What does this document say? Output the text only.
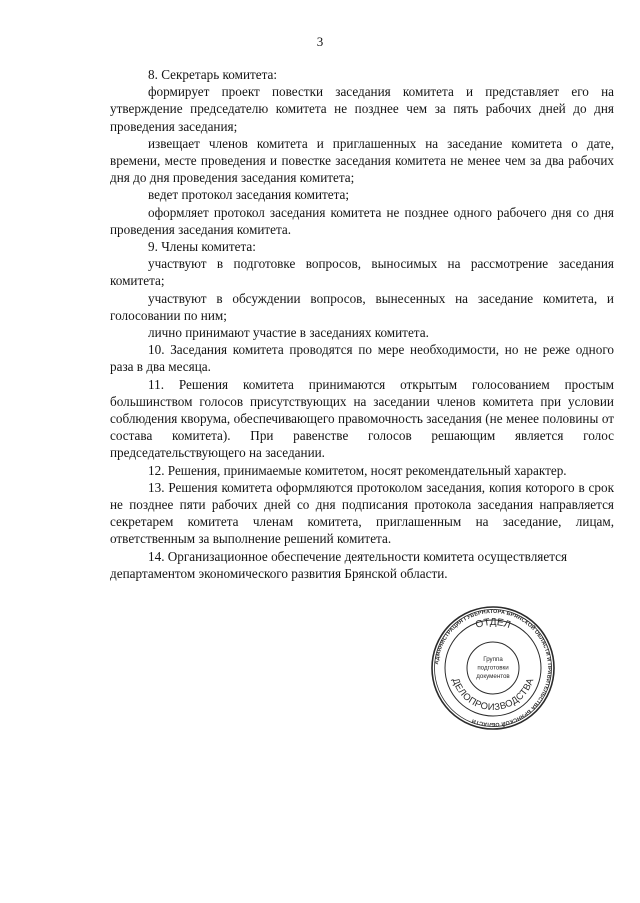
3

8. Секретарь комитета:

формирует проект повестки заседания комитета и представляет его на утверждение председателю комитета не позднее чем за пять рабочих дней до дня проведения заседания;

извещает членов комитета и приглашенных на заседание комитета о дате, времени, месте проведения и повестке заседания комитета не менее чем за два рабочих дня до дня проведения заседания комитета;

ведет протокол заседания комитета;

оформляет протокол заседания комитета не позднее одного рабочего дня со дня проведения заседания комитета.

9. Члены комитета:

участвуют в подготовке вопросов, выносимых на рассмотрение заседания комитета;

участвуют в обсуждении вопросов, вынесенных на заседание комитета, и голосовании по ним;

лично принимают участие в заседаниях комитета.

10. Заседания комитета проводятся по мере необходимости, но не реже одного раза в два месяца.

11. Решения комитета принимаются открытым голосованием простым большинством голосов присутствующих на заседании членов комитета при условии соблюдения кворума, обеспечивающего правомочность заседания (не менее половины от состава комитета). При равенстве голосов решающим является голос председательствующего на заседании.

12. Решения, принимаемые комитетом, носят рекомендательный характер.

13. Решения комитета оформляются протоколом заседания, копия которого в срок не позднее пяти рабочих дней со дня подписания протокола заседания направляется секретарем комитета членам комитета, приглашенным на заседание, лицам, ответственным за выполнение решений комитета.

14. Организационное обеспечение деятельности комитета осуществляется департаментом экономического развития Брянской области.

АДМИНИСТРАЦИЯ ГУБЕРНАТОРА БРЯНСКОЙ ОБЛАСТИ И ПРАВИТЕЛЬСТВА БРЯНСКОЙ ОБЛАСТИ
ОТДЕЛ
ДЕЛОПРОИЗВОДСТВА
Группа
подготовки
документов
